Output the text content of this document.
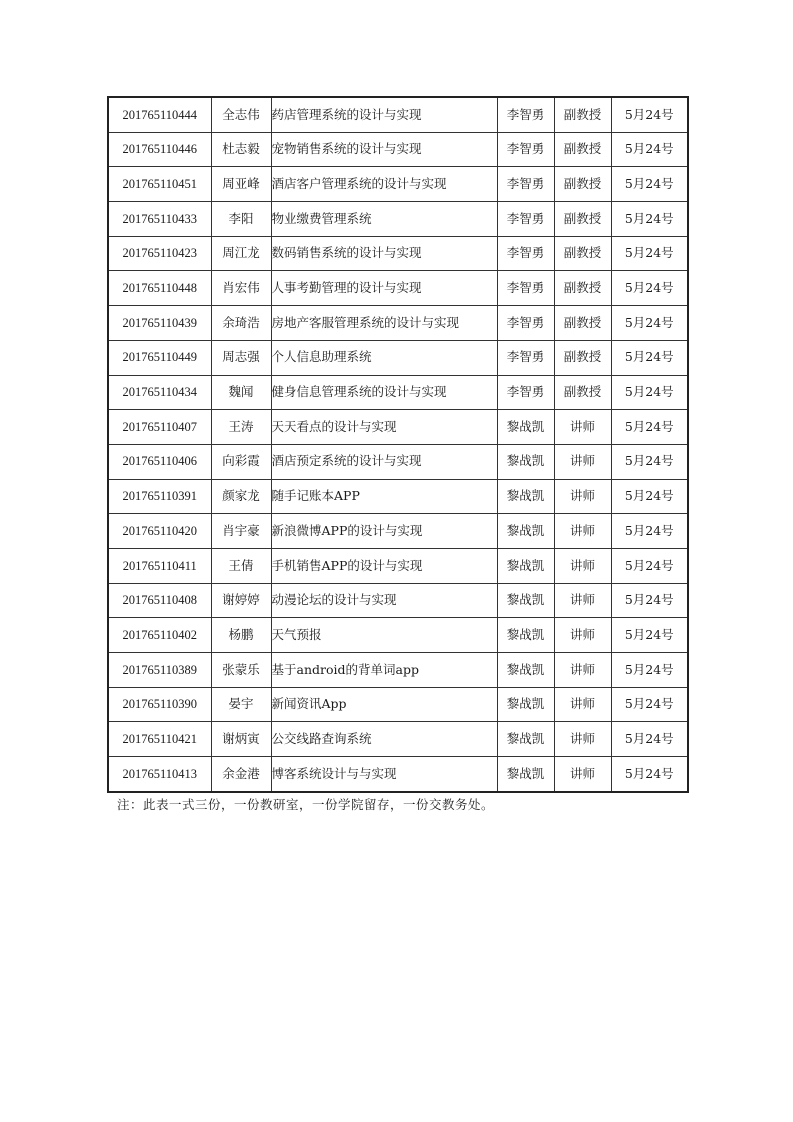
201765110444	全志伟	药店管理系统的设计与实现	李智勇	副教授	5月24号
201765110446	杜志毅	宠物销售系统的设计与实现	李智勇	副教授	5月24号
201765110451	周亚峰	酒店客户管理系统的设计与实现	李智勇	副教授	5月24号
201765110433	李阳	物业缴费管理系统	李智勇	副教授	5月24号
201765110423	周江龙	数码销售系统的设计与实现	李智勇	副教授	5月24号
201765110448	肖宏伟	人事考勤管理的设计与实现	李智勇	副教授	5月24号
201765110439	余琦浩	房地产客服管理系统的设计与实现	李智勇	副教授	5月24号
201765110449	周志强	个人信息助理系统	李智勇	副教授	5月24号
201765110434	魏闻	健身信息管理系统的设计与实现	李智勇	副教授	5月24号
201765110407	王涛	天天看点的设计与实现	黎战凯	讲师	5月24号
201765110406	向彩霞	酒店预定系统的设计与实现	黎战凯	讲师	5月24号
201765110391	颜家龙	随手记账本APP	黎战凯	讲师	5月24号
201765110420	肖宇豪	新浪微博APP的设计与实现	黎战凯	讲师	5月24号
201765110411	王倩	手机销售APP的设计与实现	黎战凯	讲师	5月24号
201765110408	谢婷婷	动漫论坛的设计与实现	黎战凯	讲师	5月24号
201765110402	杨鹏	天气预报	黎战凯	讲师	5月24号
201765110389	张蒙乐	基于android的背单词app	黎战凯	讲师	5月24号
201765110390	晏宇	新闻资讯App	黎战凯	讲师	5月24号
201765110421	谢炳寅	公交线路查询系统	黎战凯	讲师	5月24号
201765110413	余金港	博客系统设计与与实现	黎战凯	讲师	5月24号
注：此表一式三份，一份教研室，一份学院留存，一份交教务处。
